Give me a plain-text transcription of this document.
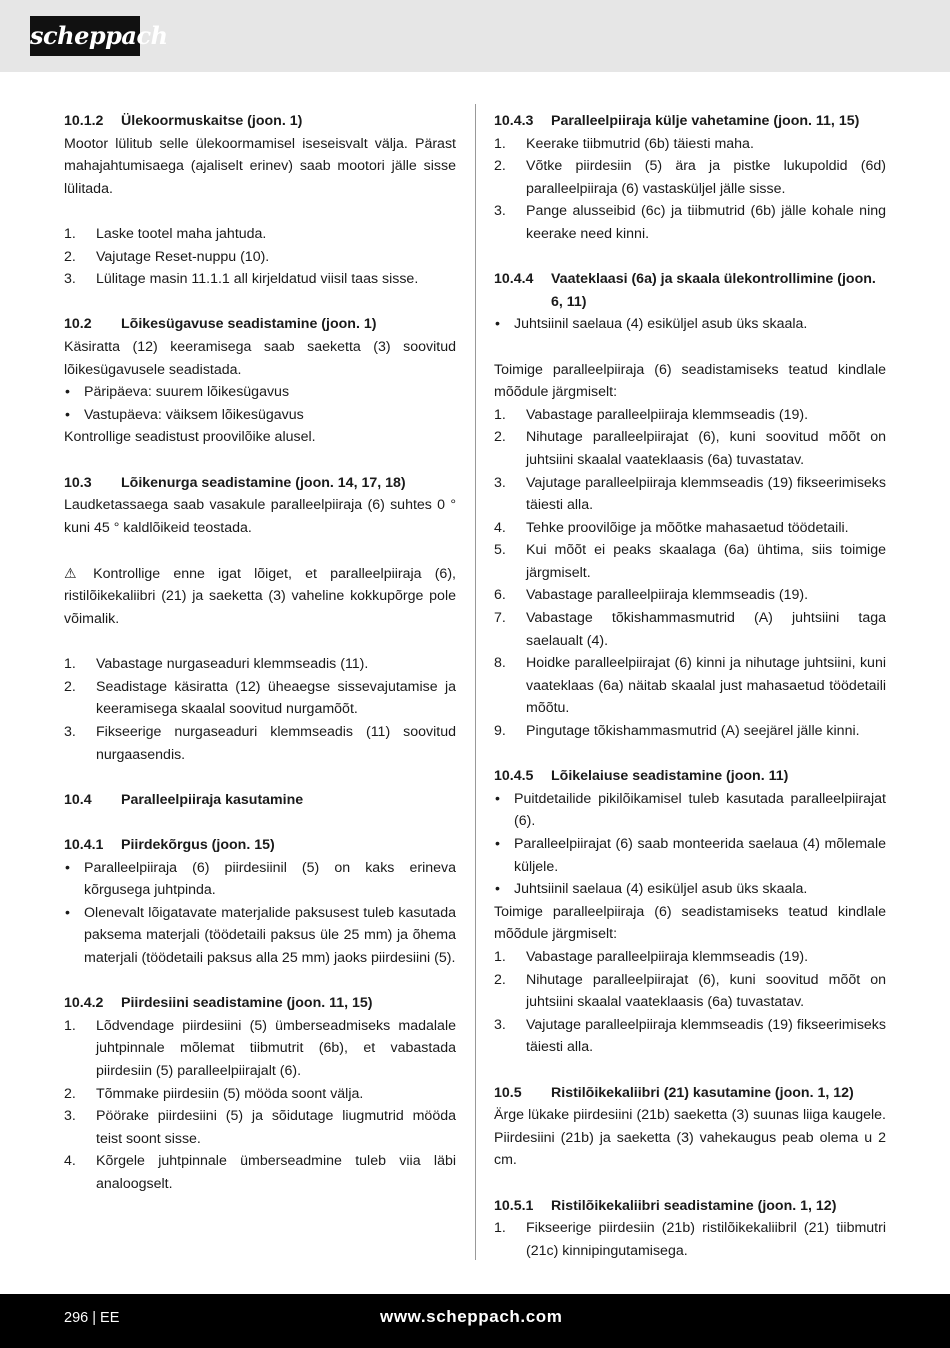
scheppach
10.1.2	Ülekoormuskaitse (joon. 1)
Mootor lülitub selle ülekoormamisel iseseisvalt välja. Pärast mahajahtumisaega (ajaliselt erinev) saab mootori jälle sisse lülitada.
1.	Laske tootel maha jahtuda.
2.	Vajutage Reset-nuppu (10).
3.	Lülitage masin 11.1.1 all kirjeldatud viisil taas sisse.
10.2	Lõikesügavuse seadistamine (joon. 1)
Käsiratta (12) keeramisega saab saeketta (3) soovitud lõikesügavusele seadistada.
• Päripäeva: suurem lõikesügavus
• Vastupäeva: väiksem lõikesügavus
Kontrollige seadistust proovilõike alusel.
10.3	Lõikenurga seadistamine (joon. 14, 17, 18)
Laudketassaega saab vasakule paralleelpiiraja (6) suhtes 0 ° kuni 45 ° kaldlõikeid teostada.
⚠ Kontrollige enne igat lõiget, et paralleelpiiraja (6), ristilõikekaliibri (21) ja saeketta (3) vaheline kokkupõrge pole võimalik.
1.	Vabastage nurgaseaduri klemmseadis (11).
2.	Seadistage käsiratta (12) üheaegse sissevajutamise ja keeramisega skaalal soovitud nurgamõõt.
3.	Fikseerige nurgaseaduri klemmseadis (11) soovitud nurgaasendis.
10.4	Paralleelpiiraja kasutamine
10.4.1	Piirdekõrgus (joon. 15)
• Paralleelpiiraja (6) piirdesiinil (5) on kaks erineva kõrgusega juhtpinda.
• Olenevalt lõigatavate materjalide paksusest tuleb kasutada paksema materjali (töödetaili paksus üle 25 mm) ja õhema materjali (töödetaili paksus alla 25 mm) jaoks piirdesiini (5).
10.4.2	Piirdesiini seadistamine (joon. 11, 15)
1.	Lõdvendage piirdesiini (5) ümberseadmiseks madalale juhtpinnale mõlemat tiibmutrit (6b), et vabastada piirdesiin (5) paralleelpiirajalt (6).
2.	Tõmmake piirdesiin (5) mööda soont välja.
3.	Pöörake piirdesiini (5) ja sõidutage liugmutrid mööda teist soont sisse.
4.	Kõrgele juhtpinnale ümberseadmine tuleb viia läbi analoogselt.
10.4.3	Paralleelpiiraja külje vahetamine (joon. 11, 15)
1.	Keerake tiibmutrid (6b) täiesti maha.
2.	Võtke piirdesiin (5) ära ja pistke lukupoldid (6d) paralleelpiiraja (6) vastasküljel jälle sisse.
3.	Pange alusseibid (6c) ja tiibmutrid (6b) jälle kohale ning keerake need kinni.
10.4.4	Vaateklaasi (6a) ja skaala ülekontrollimine (joon. 6, 11)
• Juhtsiinil saelaua (4) esiküljel asub üks skaala.
Toimige paralleelpiiraja (6) seadistamiseks teatud kindlale mõõdule järgmiselt:
1.	Vabastage paralleelpiiraja klemmseadis (19).
2.	Nihutage paralleelpiirajat (6), kuni soovitud mõõt on juhtsiini skaalal vaateklaasis (6a) tuvastatav.
3.	Vajutage paralleelpiiraja klemmseadis (19) fikseerimiseks täiesti alla.
4.	Tehke proovilõige ja mõõtke mahasaetud töödetaili.
5.	Kui mõõt ei peaks skaalaga (6a) ühtima, siis toimige järgmiselt.
6.	Vabastage paralleelpiiraja klemmseadis (19).
7.	Vabastage tõkishammasmutrid (A) juhtsiini taga saelaualt (4).
8.	Hoidke paralleelpiirajat (6) kinni ja nihutage juhtsiini, kuni vaateklaas (6a) näitab skaalal just mahasaetud töödetaili mõõtu.
9.	Pingutage tõkishammasmutrid (A) seejärel jälle kinni.
10.4.5	Lõikelaiuse seadistamine (joon. 11)
• Puitdetailide pikilõikamisel tuleb kasutada paralleelpiirajat (6).
• Paralleelpiirajat (6) saab monteerida saelaua (4) mõlemale küljele.
• Juhtsiinil saelaua (4) esiküljel asub üks skaala.
Toimige paralleelpiiraja (6) seadistamiseks teatud kindlale mõõdule järgmiselt:
1.	Vabastage paralleelpiiraja klemmseadis (19).
2.	Nihutage paralleelpiirajat (6), kuni soovitud mõõt on juhtsiini skaalal vaateklaasis (6a) tuvastatav.
3.	Vajutage paralleelpiiraja klemmseadis (19) fikseerimiseks täiesti alla.
10.5	Ristilõikekaliibri (21) kasutamine (joon. 1, 12)
Ärge lükake piirdesiini (21b) saeketta (3) suunas liiga kaugele. Piirdesiini (21b) ja saeketta (3) vahekaugus peab olema u 2 cm.
10.5.1	Ristilõikekaliibri seadistamine (joon. 1, 12)
1.	Fikseerige piirdesiin (21b) ristilõikekaliibril (21) tiibmutri (21c) kinnipingutamisega.
296 | EE	www.scheppach.com
